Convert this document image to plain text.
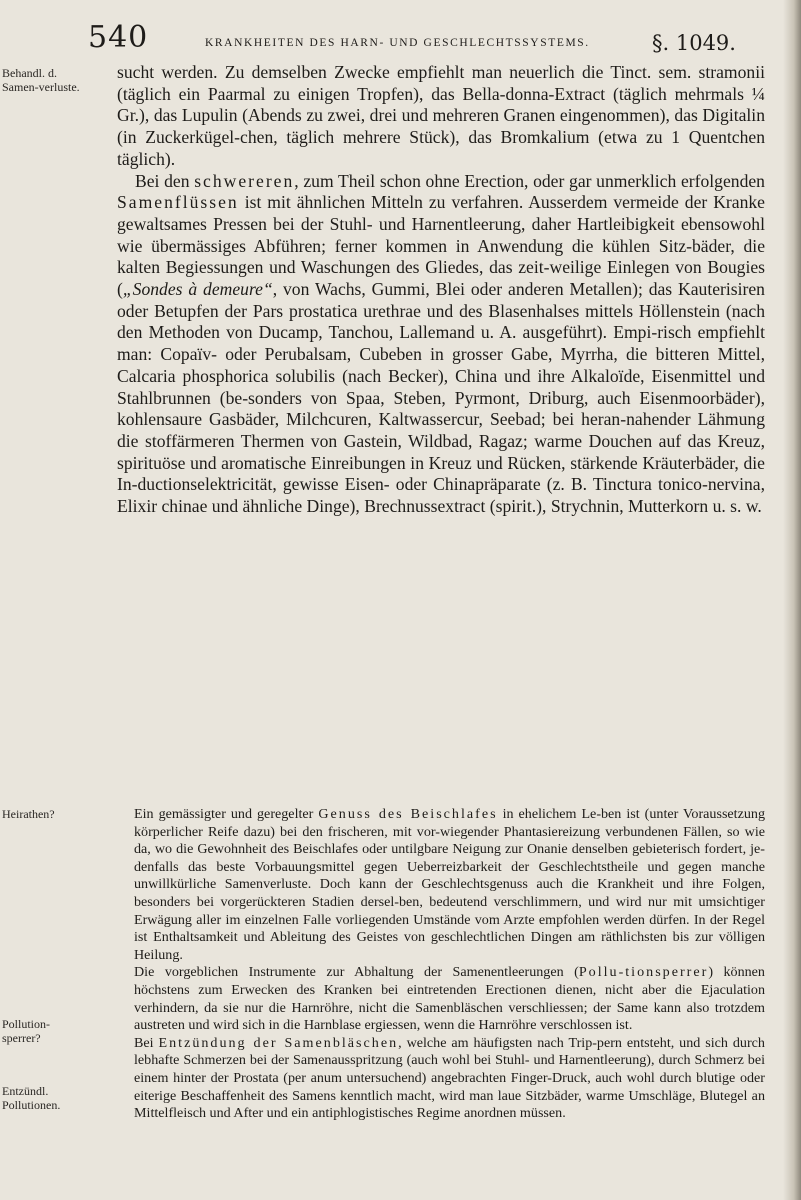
540	KRANKHEITEN DES HARN- UND GESCHLECHTSSYSTEMS.	§. 1049.
Behandl. d. Samen-verluste.
Heirathen?
Pollution-sperrer?
Entzündl. Pollutionen.

sucht werden. Zu demselben Zwecke empfiehlt man neuerlich die Tinct. sem. stramonii (täglich ein Paarmal zu einigen Tropfen), das Bella-donna-Extract (täglich mehrmals ¼ Gr.), das Lupulin (Abends zu zwei, drei und mehreren Granen eingenommen), das Digitalin (in Zuckerkügel-chen, täglich mehrere Stück), das Bromkalium (etwa zu 1 Quentchen täglich).

Bei den schwereren, zum Theil schon ohne Erection, oder gar unmerklich erfolgenden Samenflüssen ist mit ähnlichen Mitteln zu verfahren. Ausserdem vermeide der Kranke gewaltsames Pressen bei der Stuhl- und Harnentleerung, daher Hartleibigkeit ebensowohl wie übermässiges Abführen; ferner kommen in Anwendung die kühlen Sitz-bäder, die kalten Begiessungen und Waschungen des Gliedes, das zeit-weilige Einlegen von Bougies („Sondes à demeure“, von Wachs, Gummi, Blei oder anderen Metallen); das Kauterisiren oder Betupfen der Pars prostatica urethrae und des Blasenhalses mittels Höllenstein (nach den Methoden von Ducamp, Tanchou, Lallemand u. A. ausgeführt). Empi-risch empfiehlt man: Copaïv- oder Perubalsam, Cubeben in grosser Gabe, Myrrha, die bitteren Mittel, Calcaria phosphorica solubilis (nach Becker), China und ihre Alkaloïde, Eisenmittel und Stahlbrunnen (be-sonders von Spaa, Steben, Pyrmont, Driburg, auch Eisenmoorbäder), kohlensaure Gasbäder, Milchcuren, Kaltwassercur, Seebad; bei heran-nahender Lähmung die stoffärmeren Thermen von Gastein, Wildbad, Ragaz; warme Douchen auf das Kreuz, spirituöse und aromatische Einreibungen in Kreuz und Rücken, stärkende Kräuterbäder, die In-ductionselektricität, gewisse Eisen- oder Chinapräparate (z. B. Tinctura tonico-nervina, Elixir chinae und ähnliche Dinge), Brechnussextract (spirit.), Strychnin, Mutterkorn u. s. w.

Ein gemässigter und geregelter Genuss des Beischlafes in ehelichem Le-ben ist (unter Voraussetzung körperlicher Reife dazu) bei den frischeren, mit vor-wiegender Phantasiereizung verbundenen Fällen, so wie da, wo die Gewohnheit des Beischlafes oder untilgbare Neigung zur Onanie denselben gebieterisch fordert, je-denfalls das beste Vorbauungsmittel gegen Ueberreizbarkeit der Geschlechtstheile und gegen manche unwillkürliche Samenverluste. Doch kann der Geschlechtsgenuss auch die Krankheit und ihre Folgen, besonders bei vorgerückteren Stadien dersel-ben, bedeutend verschlimmern, und wird nur mit umsichtiger Erwägung aller im einzelnen Falle vorliegenden Umstände vom Arzte empfohlen werden dürfen. In der Regel ist Enthaltsamkeit und Ableitung des Geistes von geschlechtlichen Dingen am räthlichsten bis zur völligen Heilung.

Die vorgeblichen Instrumente zur Abhaltung der Samenentleerungen (Pollu-tionsperrer) können höchstens zum Erwecken des Kranken bei eintretenden Erectionen dienen, nicht aber die Ejaculation verhindern, da sie nur die Harnröhre, nicht die Samenbläschen verschliessen; der Same kann also trotzdem austreten und wird sich in die Harnblase ergiessen, wenn die Harnröhre verschlossen ist.

Bei Entzündung der Samenbläschen, welche am häufigsten nach Trip-pern entsteht, und sich durch lebhafte Schmerzen bei der Samenausspritzung (auch wohl bei Stuhl- und Harnentleerung), durch Schmerz bei einem hinter der Prostata (per anum untersuchend) angebrachten Finger-Druck, auch wohl durch blutige oder eiterige Beschaffenheit des Samens kenntlich macht, wird man laue Sitzbäder, warme Umschläge, Blutegel an Mittelfleisch und After und ein antiphlogistisches Regime anordnen müssen.
